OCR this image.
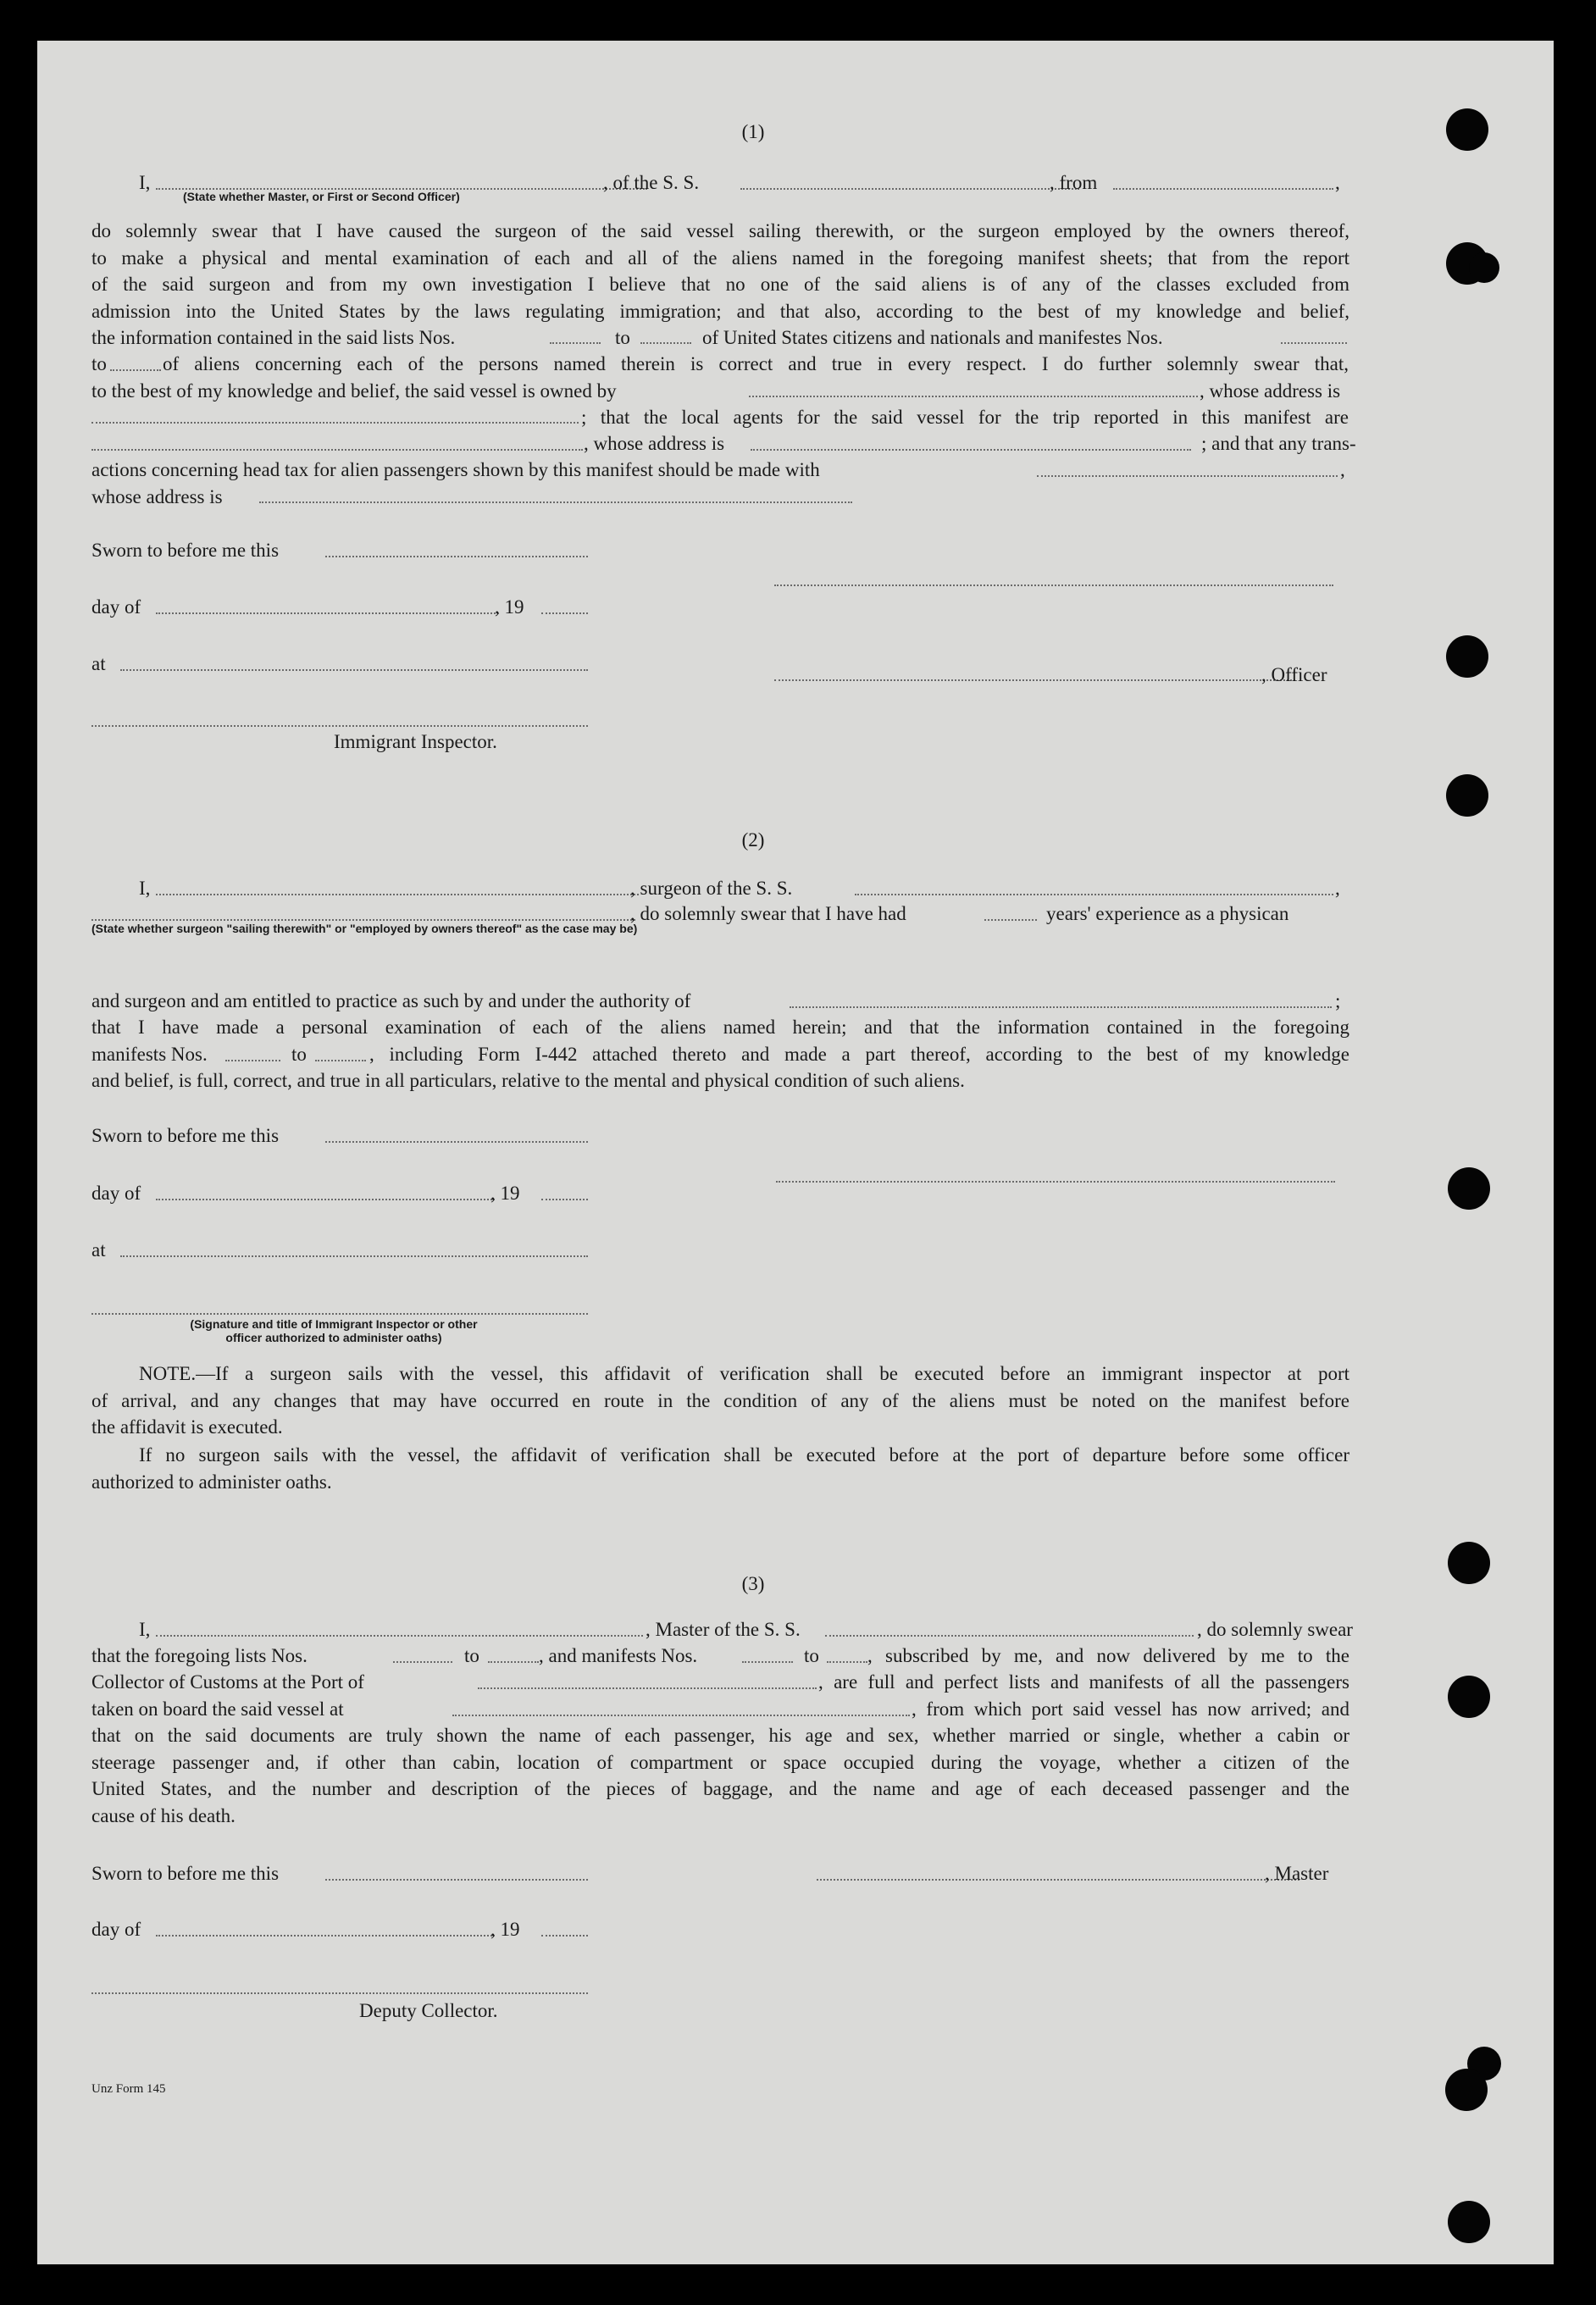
(1)
I,	, of the S. S.	, from	,
(State whether Master, or First or Second Officer)
do solemnly swear that I have caused the surgeon of the said vessel sailing therewith, or the surgeon employed by the owners thereof,
to make a physical and mental examination of each and all of the aliens named in the foregoing manifest sheets; that from the report
of the said surgeon and from my own investigation I believe that no one of the said aliens is of any of the classes excluded from
admission into the United States by the laws regulating immigration; and that also, according to the best of my knowledge and belief,
the information contained in the said lists Nos.	to	of United States citizens and nationals and manifestes Nos.
to	of aliens concerning each of the persons named therein is correct and true in every respect. I do further solemnly swear that,
to the best of my knowledge and belief, the said vessel is owned by	, whose address is
; that the local agents for the said vessel for the trip reported in this manifest are
, whose address is	; and that any trans-
actions concerning head tax for alien passengers shown by this manifest should be made with	,
whose address is
Sworn to before me this
day of	, 19
at
, Officer
Immigrant Inspector.
(2)
I,	, surgeon of the S. S.	,
, do solemnly swear that I have had	years' experience as a physican
(State whether surgeon "sailing therewith" or "employed by owners thereof" as the case may be)
and surgeon and am entitled to practice as such by and under the authority of	;
that I have made a personal examination of each of the aliens named herein; and that the information contained in the foregoing
manifests Nos.	to	, including Form I-442 attached thereto and made a part thereof, according to the best of my knowledge
and belief, is full, correct, and true in all particulars, relative to the mental and physical condition of such aliens.
Sworn to before me this
day of	, 19
at
(Signature and title of Immigrant Inspector or other
officer authorized to administer oaths)
NOTE.—If a surgeon sails with the vessel, this affidavit of verification shall be executed before an immigrant inspector at port
of arrival, and any changes that may have occurred en route in the condition of any of the aliens must be noted on the manifest before
the affidavit is executed.
If no surgeon sails with the vessel, the affidavit of verification shall be executed before at the port of departure before some officer
authorized to administer oaths.
(3)
I,	, Master of the S. S.	, do solemnly swear
that the foregoing lists Nos.	to	, and manifests Nos.	to , subscribed by me, and now delivered by me to the
Collector of Customs at the Port of	, are full and perfect lists and manifests of all the passengers
taken on board the said vessel at	, from which port said vessel has now arrived; and
that on the said documents are truly shown the name of each passenger, his age and sex, whether married or single, whether a cabin or
steerage passenger and, if other than cabin, location of compartment or space occupied during the voyage, whether a citizen of the
United States, and the number and description of the pieces of baggage, and the name and age of each deceased passenger and the
cause of his death.
Sworn to before me this	, Master
day of	, 19
Deputy Collector.
Unz Form 145
